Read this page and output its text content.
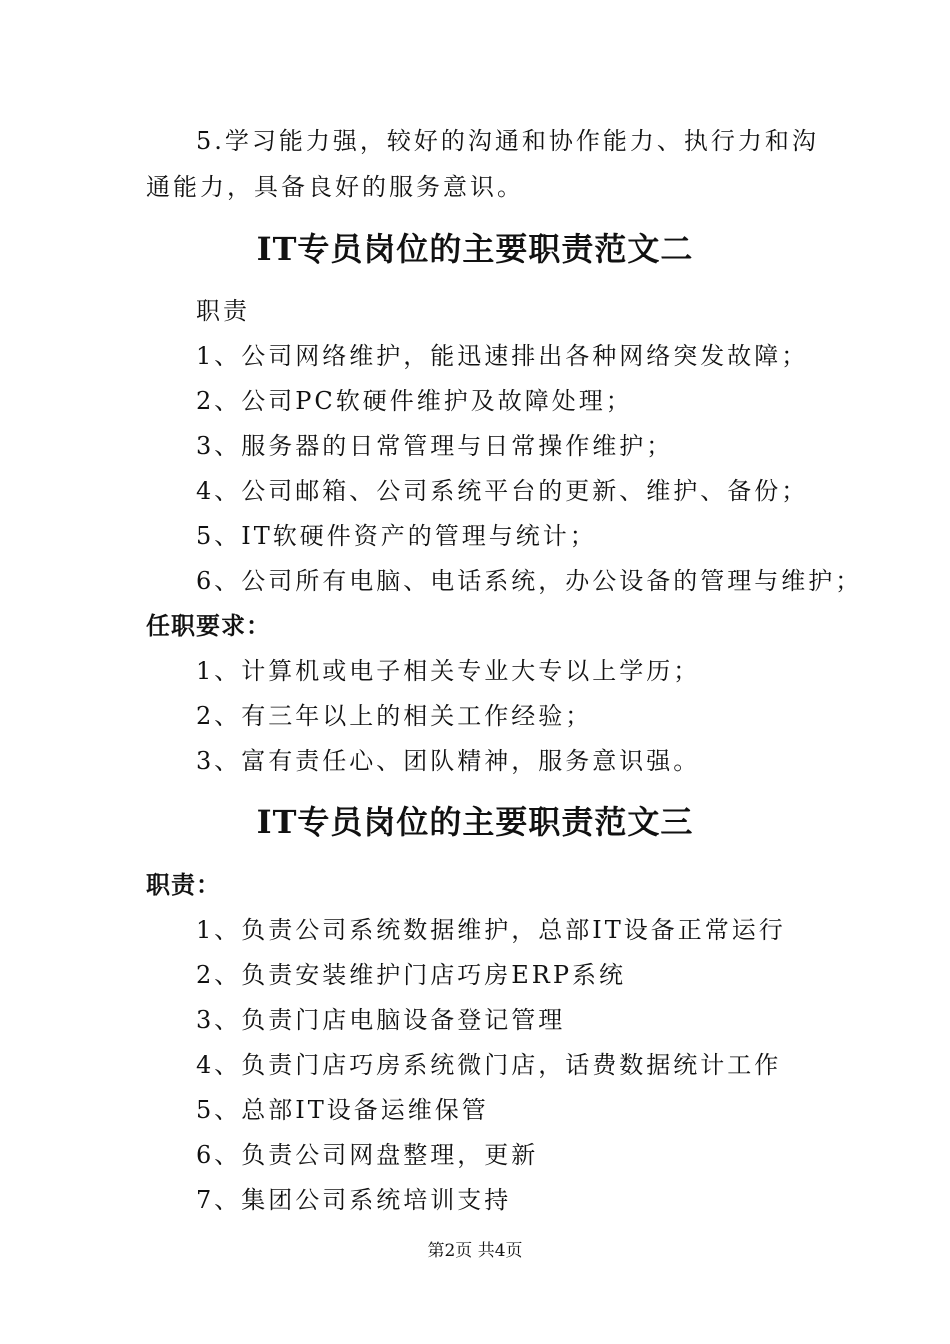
5.学习能力强，较好的沟通和协作能力、执行力和沟
通能力，具备良好的服务意识。
IT专员岗位的主要职责范文二
职责
1、公司网络维护，能迅速排出各种网络突发故障；
2、公司PC软硬件维护及故障处理；
3、服务器的日常管理与日常操作维护；
4、公司邮箱、公司系统平台的更新、维护、备份；
5、IT软硬件资产的管理与统计；
6、公司所有电脑、电话系统，办公设备的管理与维护；
任职要求：
1、计算机或电子相关专业大专以上学历；
2、有三年以上的相关工作经验；
3、富有责任心、团队精神，服务意识强。
IT专员岗位的主要职责范文三
职责：
1、负责公司系统数据维护，总部IT设备正常运行
2、负责安装维护门店巧房ERP系统
3、负责门店电脑设备登记管理
4、负责门店巧房系统微门店，话费数据统计工作
5、总部IT设备运维保管
6、负责公司网盘整理，更新
7、集团公司系统培训支持
第2页 共4页
